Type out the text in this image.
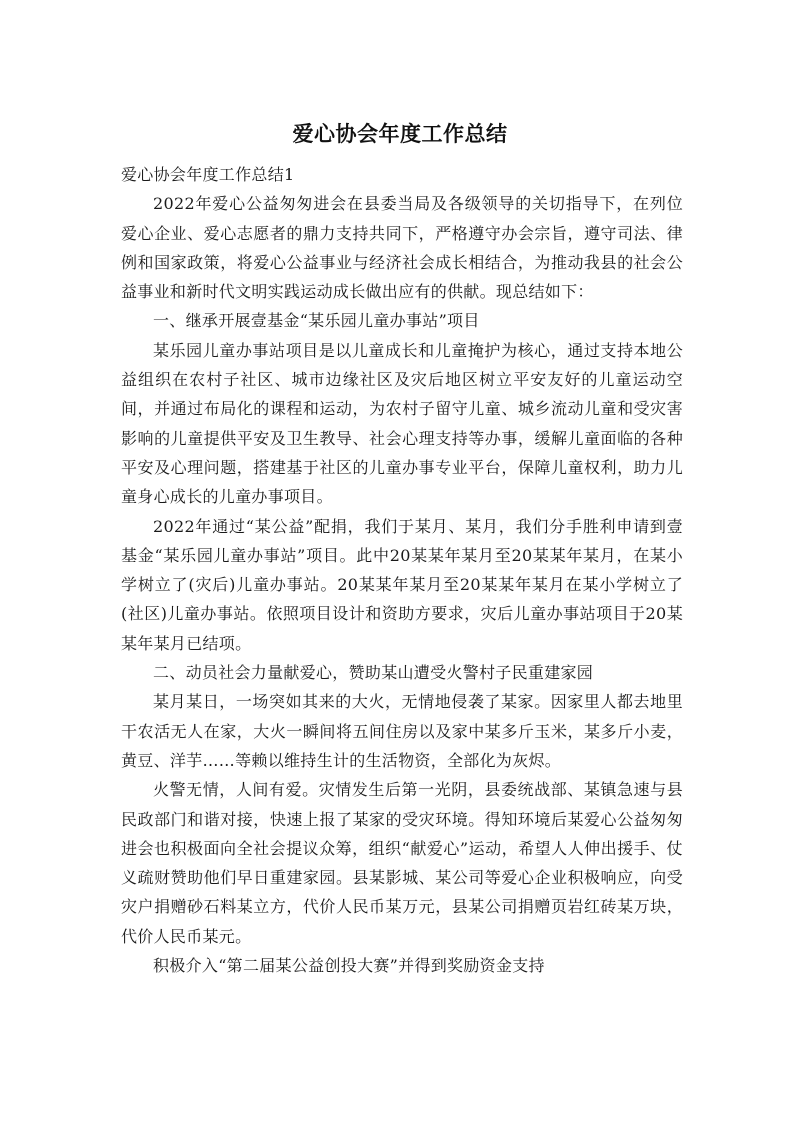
爱心协会年度工作总结

爱心协会年度工作总结1

2022年爱心公益匆匆进会在县委当局及各级领导的关切指导下，在列位爱心企业、爱心志愿者的鼎力支持共同下，严格遵守办会宗旨，遵守司法、律例和国家政策，将爱心公益事业与经济社会成长相结合，为推动我县的社会公益事业和新时代文明实践运动成长做出应有的供献。现总结如下：

一、继承开展壹基金“某乐园儿童办事站”项目

某乐园儿童办事站项目是以儿童成长和儿童掩护为核心，通过支持本地公益组织在农村子社区、城市边缘社区及灾后地区树立平安友好的儿童运动空间，并通过布局化的课程和运动，为农村子留守儿童、城乡流动儿童和受灾害影响的儿童提供平安及卫生教导、社会心理支持等办事，缓解儿童面临的各种平安及心理问题，搭建基于社区的儿童办事专业平台，保障儿童权利，助力儿童身心成长的儿童办事项目。

2022年通过“某公益”配捐，我们于某月、某月，我们分手胜利申请到壹基金“某乐园儿童办事站”项目。此中20某某年某月至20某某年某月，在某小学树立了(灾后)儿童办事站。20某某年某月至20某某年某月在某小学树立了(社区)儿童办事站。依照项目设计和资助方要求，灾后儿童办事站项目于20某某年某月已结项。

二、动员社会力量献爱心，赞助某山遭受火警村子民重建家园

某月某日，一场突如其来的大火，无情地侵袭了某家。因家里人都去地里干农活无人在家，大火一瞬间将五间住房以及家中某多斤玉米，某多斤小麦，黄豆、洋芋……等赖以维持生计的生活物资，全部化为灰烬。

火警无情，人间有爱。灾情发生后第一光阴，县委统战部、某镇急速与县民政部门和谐对接，快速上报了某家的受灾环境。得知环境后某爱心公益匆匆进会也积极面向全社会提议众筹，组织“献爱心”运动，希望人人伸出援手、仗义疏财赞助他们早日重建家园。县某影城、某公司等爱心企业积极响应，向受灾户捐赠砂石料某立方，代价人民币某万元，县某公司捐赠页岩红砖某万块，代价人民币某元。

积极介入“第二届某公益创投大赛”并得到奖励资金支持
